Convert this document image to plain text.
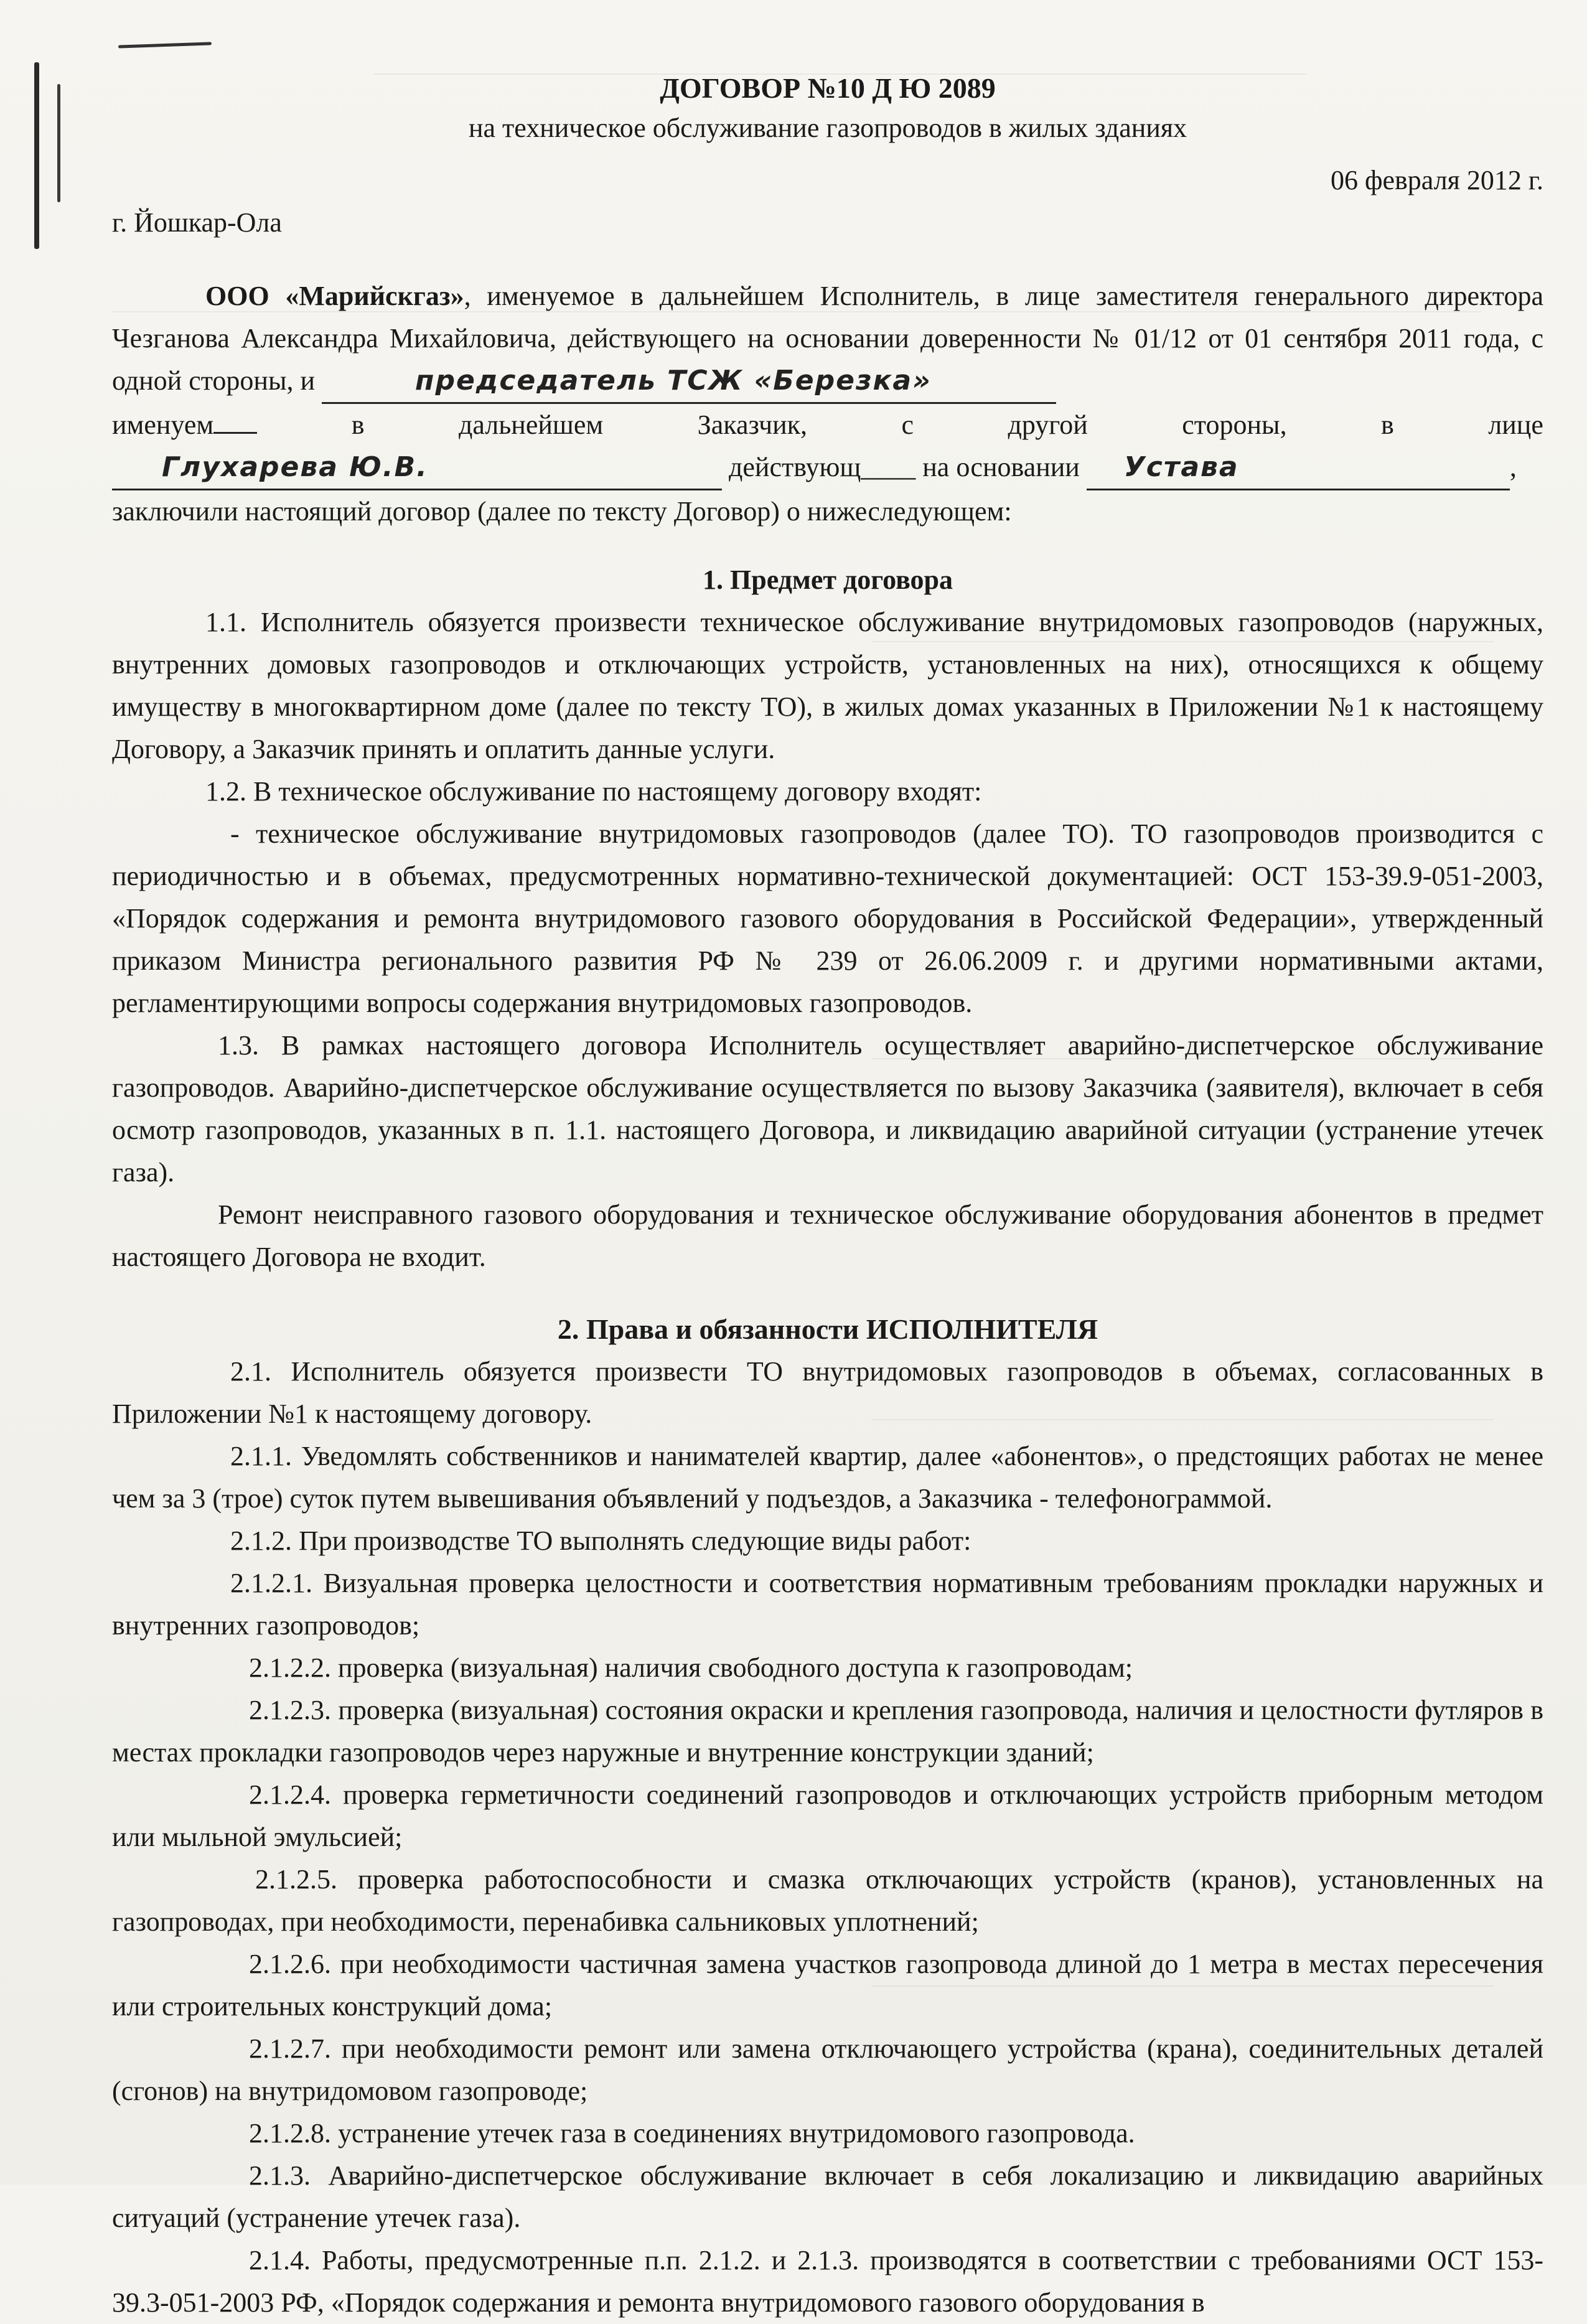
ДОГОВОР №10 Д Ю 2089

на техническое обслуживание газопроводов в жилых зданиях

06 февраля 2012 г.

г. Йошкар-Ола

ООО «Марийскгаз», именуемое в дальнейшем Исполнитель, в лице заместителя генерального директора Чезганова Александра Михайловича, действующего на основании доверенности № 01/12 от 01 сентября 2011 года, с одной стороны, и	председатель ТСЖ «Березка»

именуем	в	дальнейшем	Заказчик,	с	другой	стороны,	в	лице

Глухарева Ю.В.	действующ____ на основании Устава	,

заключили настоящий договор (далее по тексту Договор) о нижеследующем:

1. Предмет договора

1.1. Исполнитель обязуется произвести техническое обслуживание внутридомовых газопроводов (наружных, внутренних домовых газопроводов и отключающих устройств, установленных на них), относящихся к общему имуществу в многоквартирном доме (далее по тексту ТО), в жилых домах указанных в Приложении №1 к настоящему Договору, а Заказчик принять и оплатить данные услуги.

1.2. В техническое обслуживание по настоящему договору входят:

- техническое обслуживание внутридомовых газопроводов (далее ТО). ТО газопроводов производится с периодичностью и в объемах, предусмотренных нормативно-технической документацией: ОСТ 153-39.9-051-2003, «Порядок содержания и ремонта внутридомового газового оборудования в Российской Федерации», утвержденный приказом Министра регионального развития РФ № 239 от 26.06.2009 г. и другими нормативными актами, регламентирующими вопросы содержания внутридомовых газопроводов.

1.3. В рамках настоящего договора Исполнитель осуществляет аварийно-диспетчерское обслуживание газопроводов. Аварийно-диспетчерское обслуживание осуществляется по вызову Заказчика (заявителя), включает в себя осмотр газопроводов, указанных в п. 1.1. настоящего Договора, и ликвидацию аварийной ситуации (устранение утечек газа).

Ремонт неисправного газового оборудования и техническое обслуживание оборудования абонентов в предмет настоящего Договора не входит.

2. Права и обязанности ИСПОЛНИТЕЛЯ

2.1. Исполнитель обязуется произвести ТО внутридомовых газопроводов в объемах, согласованных в Приложении №1 к настоящему договору.

2.1.1. Уведомлять собственников и нанимателей квартир, далее «абонентов», о предстоящих работах не менее чем за 3 (трое) суток путем вывешивания объявлений у подъездов, а Заказчика - телефонограммой.

2.1.2. При производстве ТО выполнять следующие виды работ:

2.1.2.1. Визуальная проверка целостности и соответствия нормативным требованиям прокладки наружных и внутренних газопроводов;

2.1.2.2. проверка (визуальная) наличия свободного доступа к газопроводам;

2.1.2.3. проверка (визуальная) состояния окраски и крепления газопровода, наличия и целостности футляров в местах прокладки газопроводов через наружные и внутренние конструкции зданий;

2.1.2.4. проверка герметичности соединений газопроводов и отключающих устройств приборным методом или мыльной эмульсией;

2.1.2.5. проверка работоспособности и смазка отключающих устройств (кранов), установленных на газопроводах, при необходимости, перенабивка сальниковых уплотнений;

2.1.2.6. при необходимости частичная замена участков газопровода длиной до 1 метра в местах пересечения или строительных конструкций дома;

2.1.2.7. при необходимости ремонт или замена отключающего устройства (крана), соединительных деталей (сгонов) на внутридомовом газопроводе;

2.1.2.8. устранение утечек газа в соединениях внутридомового газопровода.

2.1.3. Аварийно-диспетчерское обслуживание включает в себя локализацию и ликвидацию аварийных ситуаций (устранение утечек газа).

2.1.4. Работы, предусмотренные п.п. 2.1.2. и 2.1.3. производятся в соответствии с требованиями ОСТ 153-39.3-051-2003 РФ, «Порядок содержания и ремонта внутридомового газового оборудования в
